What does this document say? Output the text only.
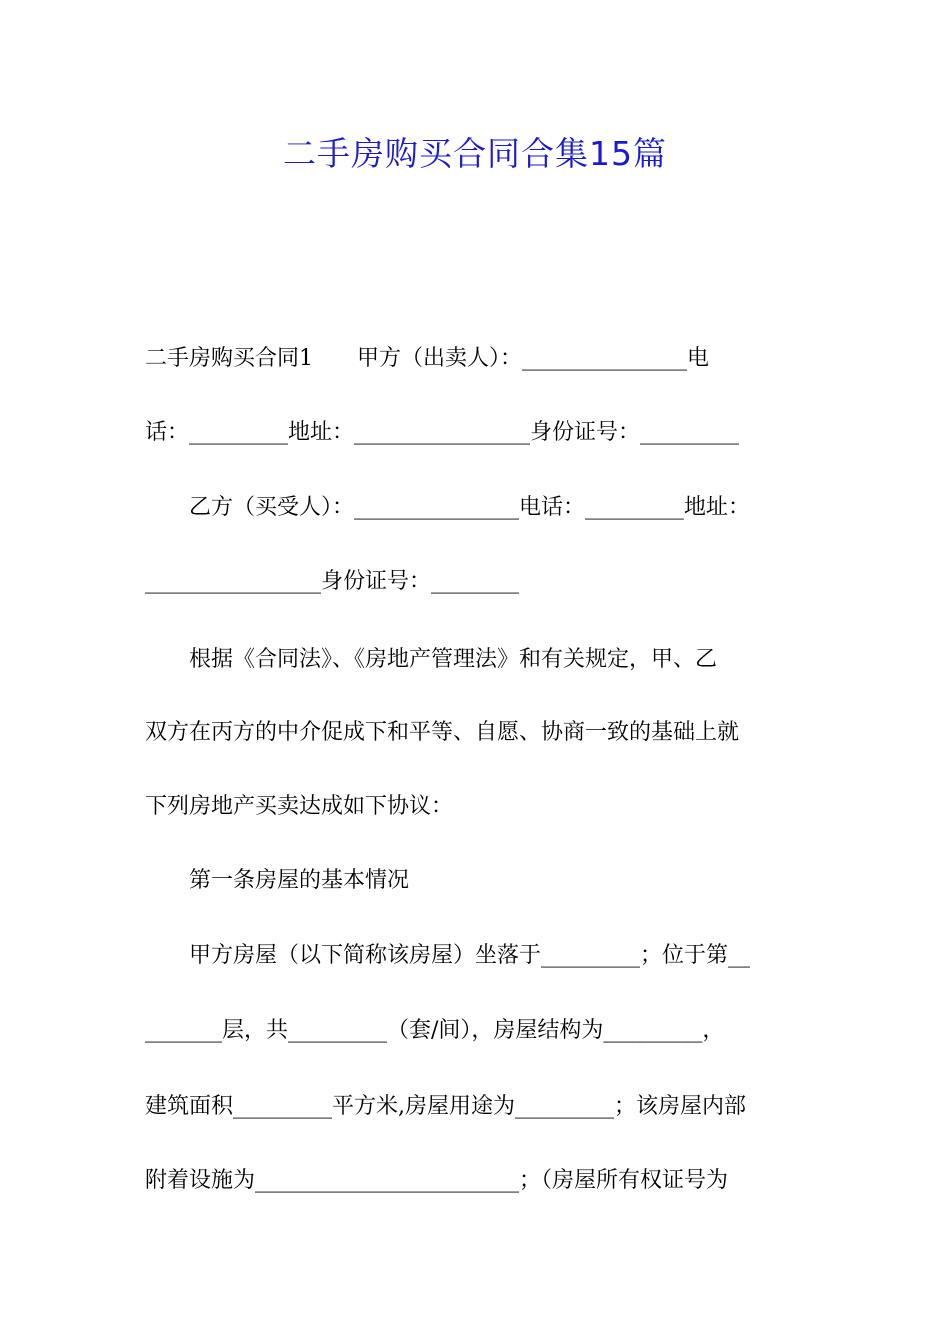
二手房购买合同合集15篇
二手房购买合同1　　甲方（出卖人）：_______________电
话：_________地址：________________身份证号：_________
　　乙方（买受人）：_______________电话：_________地址：
________________身份证号：________
　　根据《合同法》、《房地产管理法》和有关规定，甲、乙
双方在丙方的中介促成下和平等、自愿、协商一致的基础上就
下列房地产买卖达成如下协议：
　　第一条房屋的基本情况
　　甲方房屋（以下简称该房屋）坐落于_________；位于第__
_______层，共_________（套/间），房屋结构为_________，
建筑面积_________平方米,房屋用途为_________；该房屋内部
附着设施为________________________；（房屋所有权证号为
